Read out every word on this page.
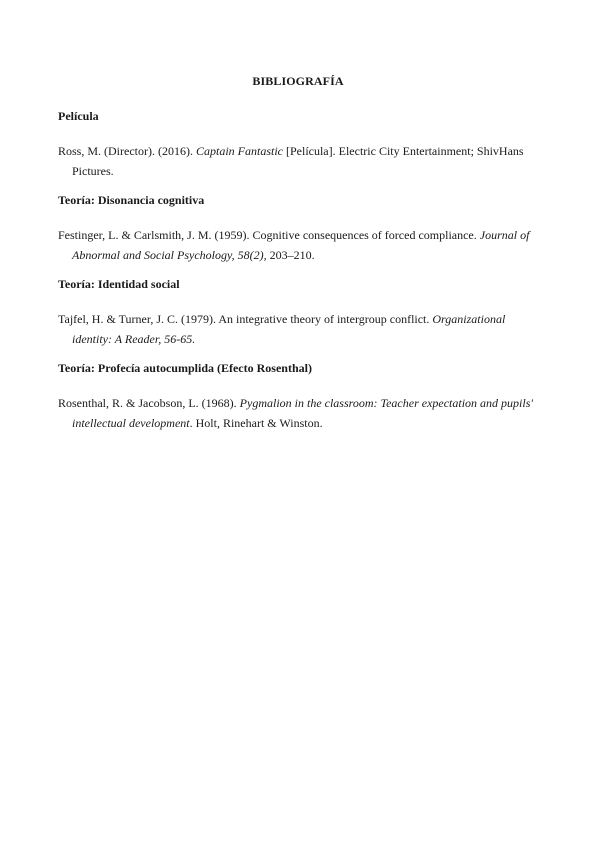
BIBLIOGRAFÍA
Película
Ross, M. (Director). (2016). Captain Fantastic [Película]. Electric City Entertainment; ShivHans Pictures.
Teoría: Disonancia cognitiva
Festinger, L. & Carlsmith, J. M. (1959). Cognitive consequences of forced compliance. Journal of Abnormal and Social Psychology, 58(2), 203–210.
Teoría: Identidad social
Tajfel, H. & Turner, J. C. (1979). An integrative theory of intergroup conflict. Organizational identity: A Reader, 56-65.
Teoría: Profecía autocumplida (Efecto Rosenthal)
Rosenthal, R. & Jacobson, L. (1968). Pygmalion in the classroom: Teacher expectation and pupils' intellectual development. Holt, Rinehart & Winston.
